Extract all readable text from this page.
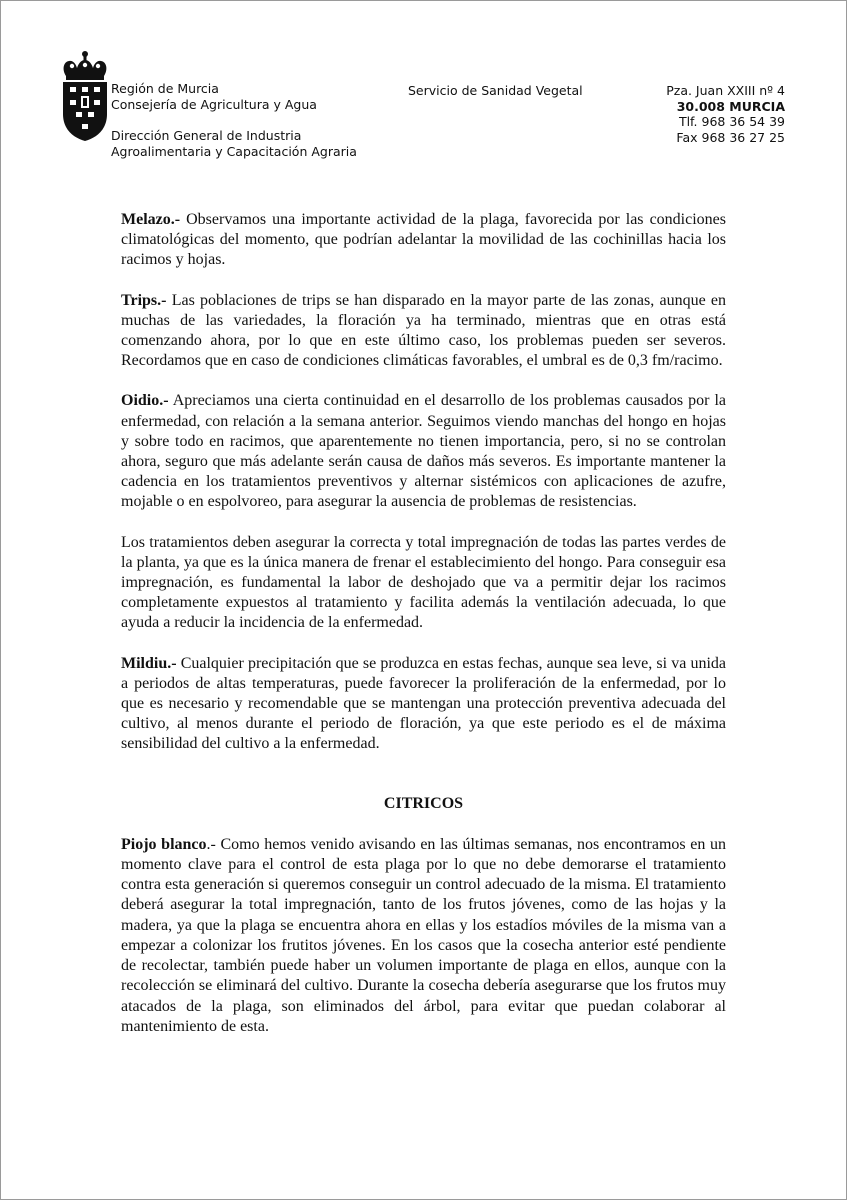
Región de Murcia
Consejería de Agricultura y Agua
Dirección General de Industria
Agroalimentaria y Capacitación Agraria
Servicio de Sanidad Vegetal	Pza. Juan XXIII nº 4
30.008 MURCIA
Tlf. 968 36 54 39
Fax 968 36 27 25

Melazo.- Observamos una importante actividad de la plaga, favorecida por las condiciones climatológicas del momento, que podrían adelantar la movilidad de las cochinillas hacia los racimos y hojas.

Trips.- Las poblaciones de trips se han disparado en la mayor parte de las zonas, aunque en muchas de las variedades, la floración ya ha terminado, mientras que en otras está comenzando ahora, por lo que en este último caso, los problemas pueden ser severos. Recordamos que en caso de condiciones climáticas favorables, el umbral es de 0,3 fm/racimo.

Oidio.- Apreciamos una cierta continuidad en el desarrollo de los problemas causados por la enfermedad, con relación a la semana anterior. Seguimos viendo manchas del hongo en hojas y sobre todo en racimos, que aparentemente no tienen importancia, pero, si no se controlan ahora, seguro que más adelante serán causa de daños más severos. Es importante mantener la cadencia en los tratamientos preventivos y alternar sistémicos con aplicaciones de azufre, mojable o en espolvoreo, para asegurar la ausencia de problemas de resistencias.

Los tratamientos deben asegurar la correcta y total impregnación de todas las partes verdes de la planta, ya que es la única manera de frenar el establecimiento del hongo. Para conseguir esa impregnación, es fundamental la labor de deshojado que va a permitir dejar los racimos completamente expuestos al tratamiento y facilita además la ventilación adecuada, lo que ayuda a reducir la incidencia de la enfermedad.

Mildiu.- Cualquier precipitación que se produzca en estas fechas, aunque sea leve, si va unida a periodos de altas temperaturas, puede favorecer la proliferación de la enfermedad, por lo que es necesario y recomendable que se mantengan una protección preventiva adecuada del cultivo, al menos durante el periodo de floración, ya que este periodo es el de máxima sensibilidad del cultivo a la enfermedad.

CITRICOS

Piojo blanco.- Como hemos venido avisando en las últimas semanas, nos encontramos en un momento clave para el control de esta plaga por lo que no debe demorarse el tratamiento contra esta generación si queremos conseguir un control adecuado de la misma. El tratamiento deberá asegurar la total impregnación, tanto de los frutos jóvenes, como de las hojas y la madera, ya que la plaga se encuentra ahora en ellas y los estadíos móviles de la misma van a empezar a colonizar los frutitos jóvenes. En los casos que la cosecha anterior esté pendiente de recolectar, también puede haber un volumen importante de plaga en ellos, aunque con la recolección se eliminará del cultivo. Durante la cosecha debería asegurarse que los frutos muy atacados de la plaga, son eliminados del árbol, para evitar que puedan colaborar al mantenimiento de esta.
